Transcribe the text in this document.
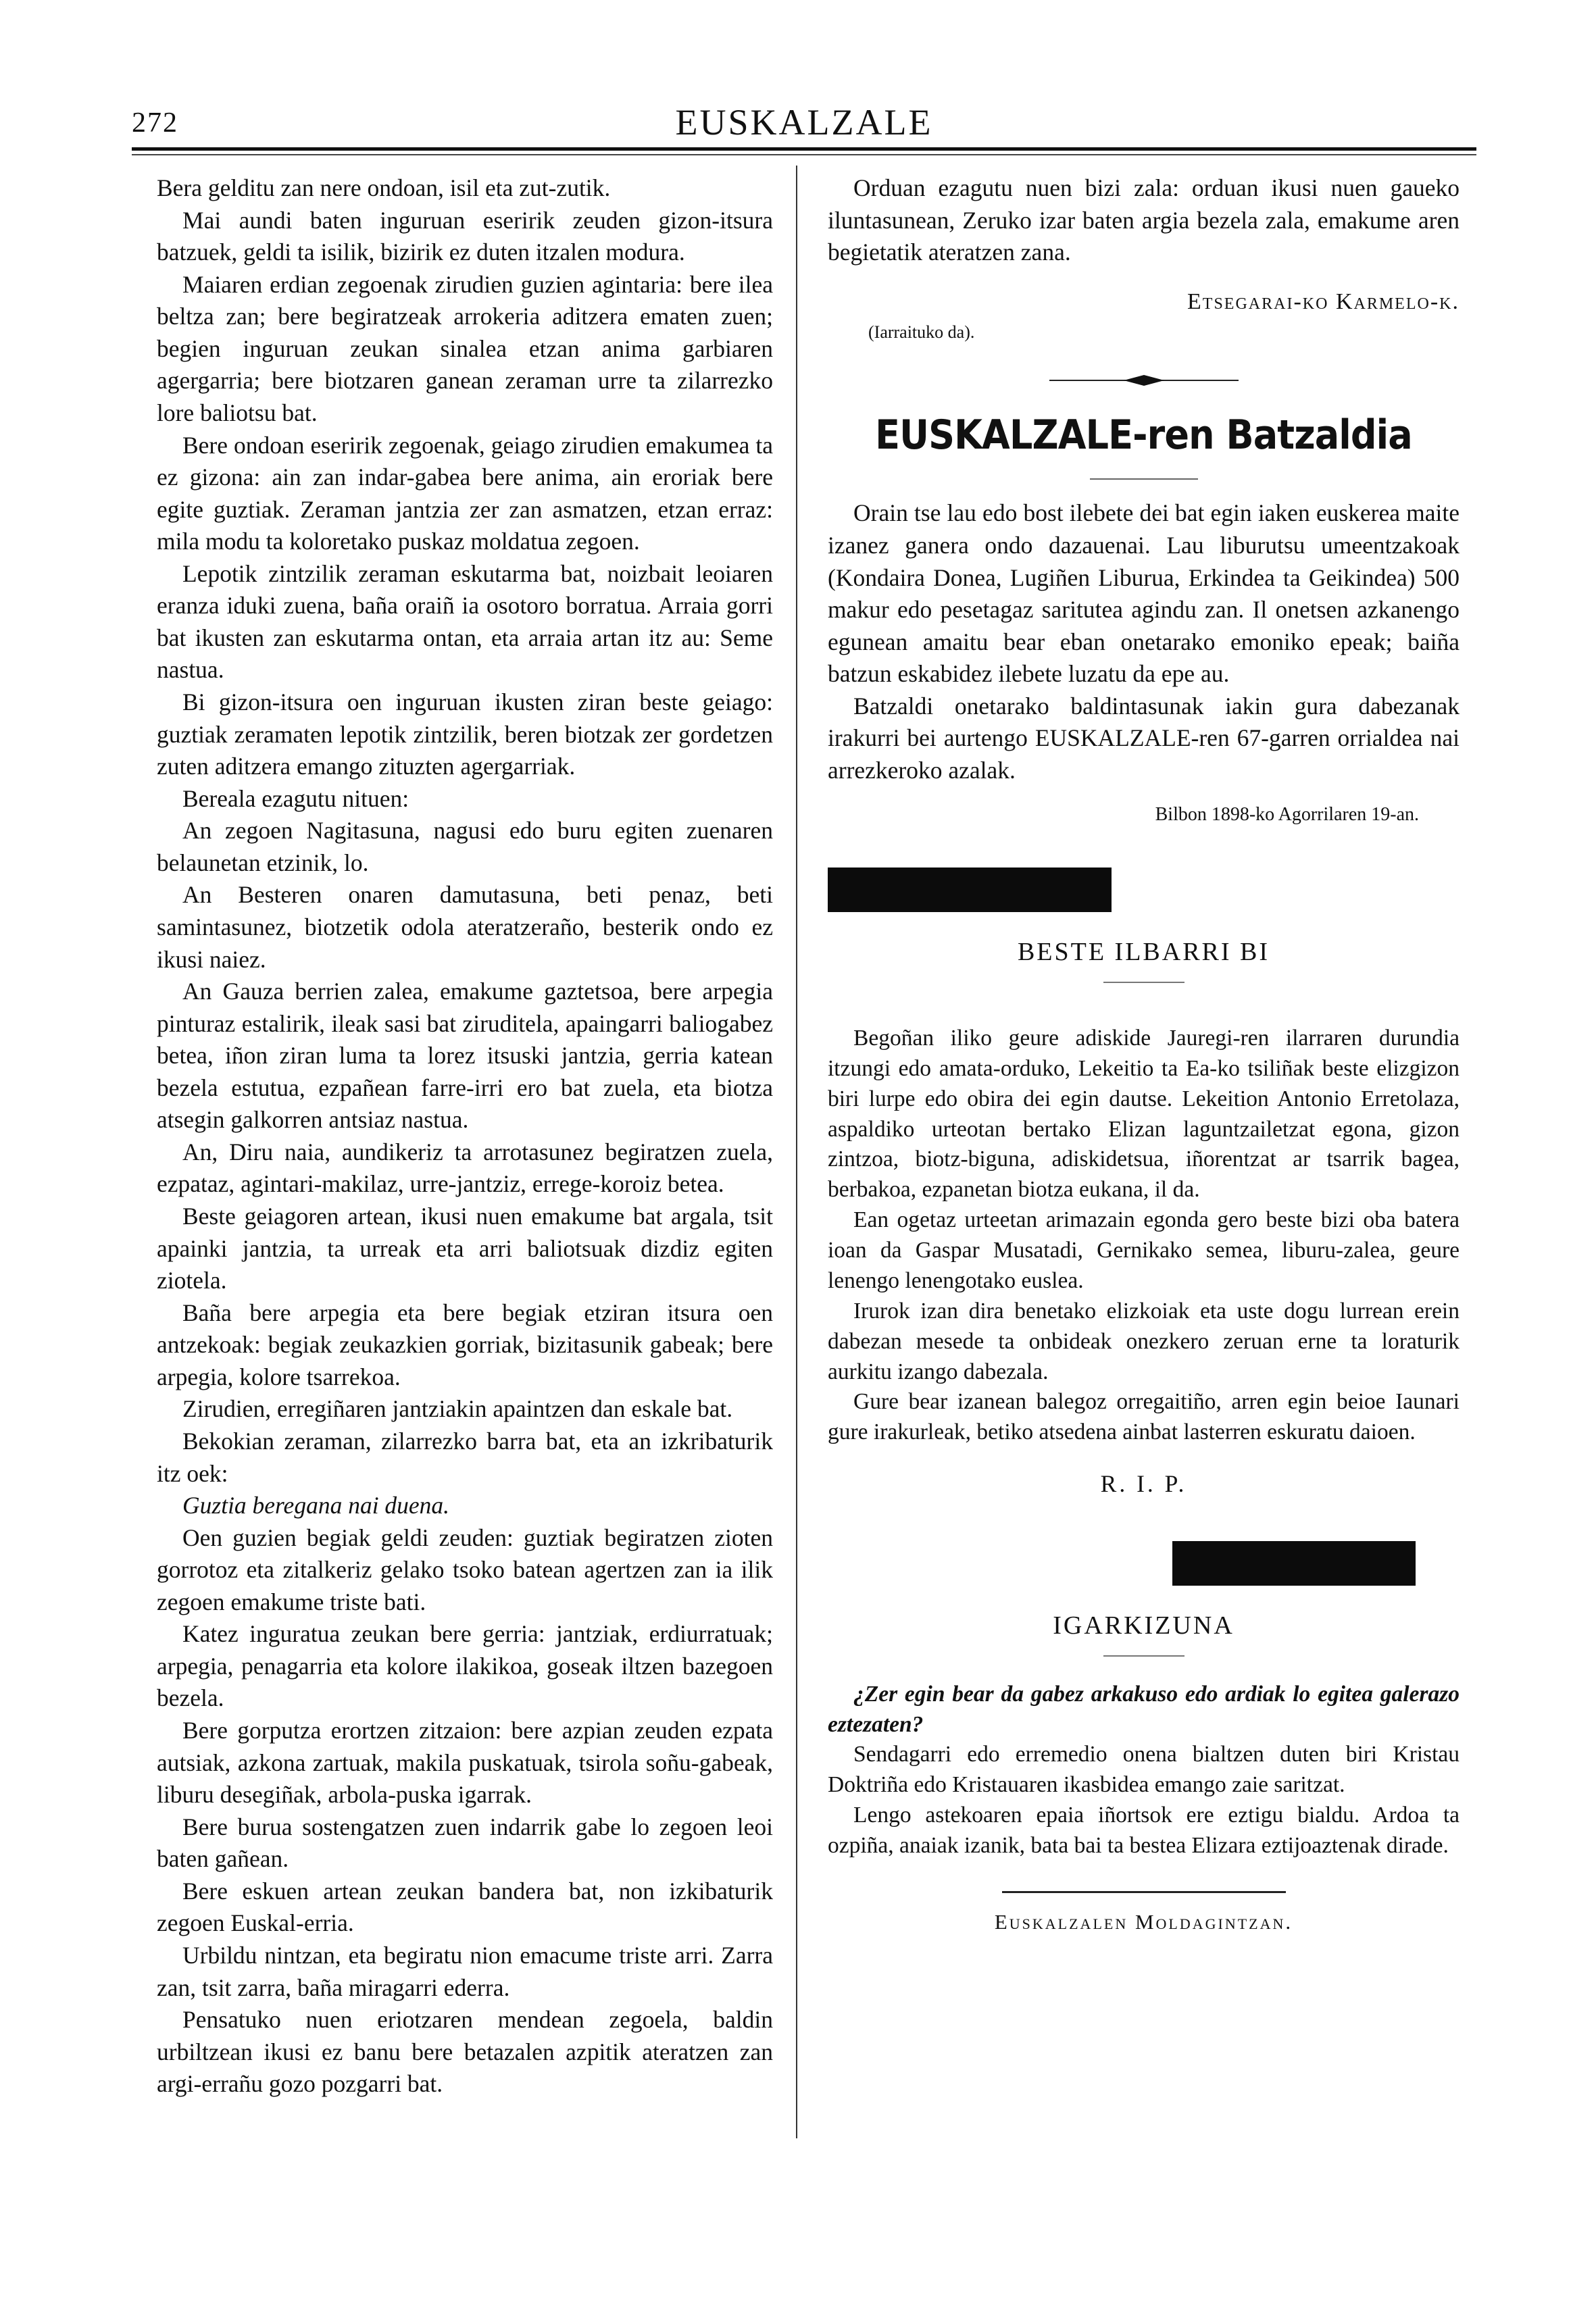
272	EUSKALZALE

Bera gelditu zan nere ondoan, isil eta zut-zutik.

Mai aundi baten inguruan eseririk zeuden gizon-itsura batzuek, geldi ta isilik, bizirik ez duten itzalen modura.

Maiaren erdian zegoenak zirudien guzien agintaria: bere ilea beltza zan; bere begiratzeak arrokeria aditzera ematen zuen; begien inguruan zeukan sinalea etzan anima garbiaren agergarria; bere biotzaren ganean zeraman urre ta zilarrezko lore baliotsu bat.

Bere ondoan eseririk zegoenak, geiago zirudien emakumea ta ez gizona: ain zan indar-gabea bere anima, ain eroriak bere egite guztiak. Zeraman jantzia zer zan asmatzen, etzan erraz: mila modu ta koloretako puskaz moldatua zegoen.

Lepotik zintzilik zeraman eskutarma bat, noizbait leoiaren eranza iduki zuena, baña oraiñ ia osotoro borratua. Arraia gorri bat ikusten zan eskutarma ontan, eta arraia artan itz au: Seme nastua.

Bi gizon-itsura oen inguruan ikusten ziran beste geiago: guztiak zeramaten lepotik zintzilik, beren biotzak zer gordetzen zuten aditzera emango zituzten agergarriak.

Bereala ezagutu nituen:

An zegoen Nagitasuna, nagusi edo buru egiten zuenaren belaunetan etzinik, lo.

An Besteren onaren damutasuna, beti penaz, beti samintasunez, biotzetik odola ateratzeraño, besterik ondo ez ikusi naiez.

An Gauza berrien zalea, emakume gaztetsoa, bere arpegia pinturaz estalirik, ileak sasi bat ziruditela, apaingarri baliogabez betea, iñon ziran luma ta lorez itsuski jantzia, gerria katean bezela estutua, ezpañean farre-irri ero bat zuela, eta biotza atsegin galkorren antsiaz nastua.

An, Diru naia, aundikeriz ta arrotasunez begiratzen zuela, ezpataz, agintari-makilaz, urre-jantziz, errege-koroiz betea.

Beste geiagoren artean, ikusi nuen emakume bat argala, tsit apainki jantzia, ta urreak eta arri baliotsuak dizdiz egiten ziotela.

Baña bere arpegia eta bere begiak etziran itsura oen antzekoak: begiak zeukazkien gorriak, bizitasunik gabeak; bere arpegia, kolore tsarrekoa.

Zirudien, erregiñaren jantziakin apaintzen dan eskale bat.

Bekokian zeraman, zilarrezko barra bat, eta an izkribaturik itz oek:

Guztia beregana nai duena.

Oen guzien begiak geldi zeuden: guztiak begiratzen zioten gorrotoz eta zitalkeriz gelako tsoko batean agertzen zan ia ilik zegoen emakume triste bati.

Katez inguratua zeukan bere gerria: jantziak, erdiurratuak; arpegia, penagarria eta kolore ilakikoa, goseak iltzen bazegoen bezela.

Bere gorputza erortzen zitzaion: bere azpian zeuden ezpata autsiak, azkona zartuak, makila puskatuak, tsirola soñu-gabeak, liburu desegiñak, arbola-puska igarrak.

Bere burua sostengatzen zuen indarrik gabe lo zegoen leoi baten gañean.

Bere eskuen artean zeukan bandera bat, non izkibaturik zegoen Euskal-erria.

Urbildu nintzan, eta begiratu nion emacume triste arri. Zarra zan, tsit zarra, baña miragarri ederra.

Pensatuko nuen eriotzaren mendean zegoela, baldin urbiltzean ikusi ez banu bere betazalen azpitik ateratzen zan argi-errañu gozo pozgarri bat.

Orduan ezagutu nuen bizi zala: orduan ikusi nuen gaueko iluntasunean, Zeruko izar baten argia bezela zala, emakume aren begietatik ateratzen zana.

Etsegarai-ko Karmelo-k.

(Iarraituko da).

EUSKALZALE-ren Batzaldia

Orain tse lau edo bost ilebete dei bat egin iaken euskerea maite izanez ganera ondo dazauenai. Lau liburutsu umeentzakoak (Kondaira Donea, Lugiñen Liburua, Erkindea ta Geikindea) 500 makur edo pesetagaz saritutea agindu zan. Il onetsen azkanengo egunean amaitu bear eban onetarako emoniko epeak; baiña batzun eskabidez ilebete luzatu da epe au.

Batzaldi onetarako baldintasunak iakin gura dabezanak irakurri bei aurtengo EUSKALZALE-ren 67-garren orrialdea nai arrezkeroko azalak.

Bilbon 1898-ko Agorrilaren 19-an.

BESTE ILBARRI BI

Begoñan iliko geure adiskide Jauregi-ren ilarraren durundia itzungi edo amata-orduko, Lekeitio ta Ea-ko tsiliñak beste elizgizon biri lurpe edo obira dei egin dautse. Lekeition Antonio Erretolaza, aspaldiko urteotan bertako Elizan laguntzailetzat egona, gizon zintzoa, biotz-biguna, adiskidetsua, iñorentzat ar tsarrik bagea, berbakoa, ezpanetan biotza eukana, il da.

Ean ogetaz urteetan arimazain egonda gero beste bizi oba batera ioan da Gaspar Musatadi, Gernikako semea, liburu-zalea, geure lenengo lenengotako euslea.

Irurok izan dira benetako elizkoiak eta uste dogu lurrean erein dabezan mesede ta onbideak onezkero zeruan erne ta loraturik aurkitu izango dabezala.

Gure bear izanean balegoz orregaitiño, arren egin beioe Iaunari gure irakurleak, betiko atsedena ainbat lasterren eskuratu daioen.

R. I. P.

IGARKIZUNA

¿Zer egin bear da gabez arkakuso edo ardiak lo egitea galerazo eztezaten?

Sendagarri edo erremedio onena bialtzen duten biri Kristau Doktriña edo Kristauaren ikasbidea emango zaie saritzat.

Lengo astekoaren epaia iñortsok ere eztigu bialdu. Ardoa ta ozpiña, anaiak izanik, bata bai ta bestea Elizara eztijoaztenak dirade.

Euskalzalen Moldagintzan.
